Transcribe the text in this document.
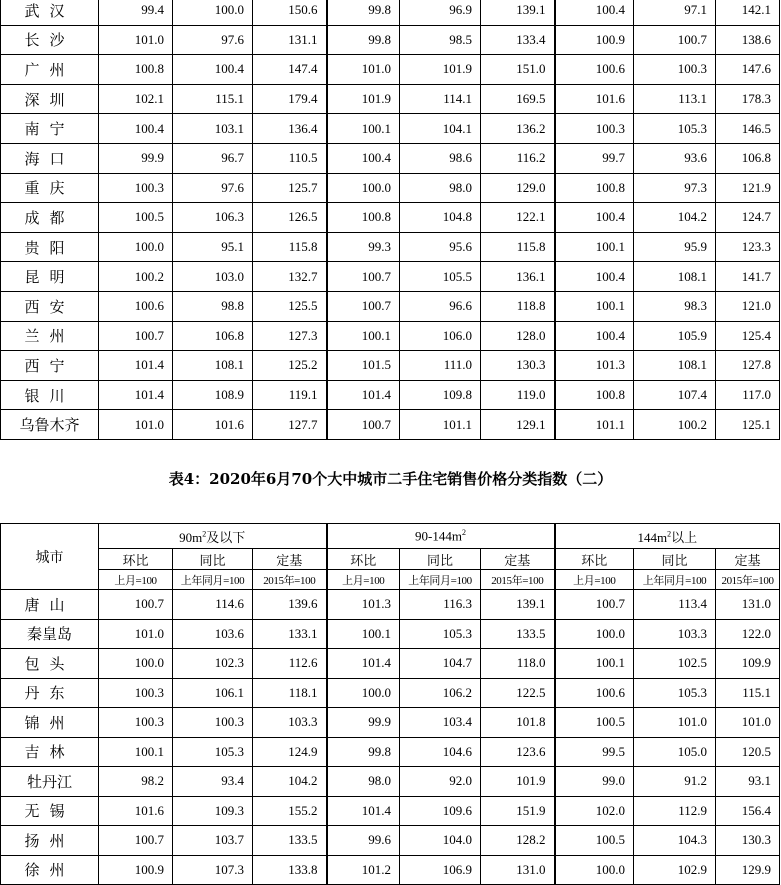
武汉	99.4	100.0	150.6	99.8	96.9	139.1	100.4	97.1	142.1
长沙	101.0	97.6	131.1	99.8	98.5	133.4	100.9	100.7	138.6
广州	100.8	100.4	147.4	101.0	101.9	151.0	100.6	100.3	147.6
深圳	102.1	115.1	179.4	101.9	114.1	169.5	101.6	113.1	178.3
南宁	100.4	103.1	136.4	100.1	104.1	136.2	100.3	105.3	146.5
海口	99.9	96.7	110.5	100.4	98.6	116.2	99.7	93.6	106.8
重庆	100.3	97.6	125.7	100.0	98.0	129.0	100.8	97.3	121.9
成都	100.5	106.3	126.5	100.8	104.8	122.1	100.4	104.2	124.7
贵阳	100.0	95.1	115.8	99.3	95.6	115.8	100.1	95.9	123.3
昆明	100.2	103.0	132.7	100.7	105.5	136.1	100.4	108.1	141.7
西安	100.6	98.8	125.5	100.7	96.6	118.8	100.1	98.3	121.0
兰州	100.7	106.8	127.3	100.1	106.0	128.0	100.4	105.9	125.4
西宁	101.4	108.1	125.2	101.5	111.0	130.3	101.3	108.1	127.8
银川	101.4	108.9	119.1	101.4	109.8	119.0	100.8	107.4	117.0
乌鲁木齐	101.0	101.6	127.7	100.7	101.1	129.1	101.1	100.2	125.1
表4：2020年6月70个大中城市二手住宅销售价格分类指数（二）
城市	$90m^2$及以下			$90-144m^2$			$144m^2$以上		
	环比	同比	定基	环比	同比	定基	环比	同比	定基
	上月=100	上年同月=100	2015年=100	上月=100	上年同月=100	2015年=100	上月=100	上年同月=100	2015年=100
唐山	100.7	114.6	139.6	101.3	116.3	139.1	100.7	113.4	131.0
秦皇岛	101.0	103.6	133.1	100.1	105.3	133.5	100.0	103.3	122.0
包头	100.0	102.3	112.6	101.4	104.7	118.0	100.1	102.5	109.9
丹东	100.3	106.1	118.1	100.0	106.2	122.5	100.6	105.3	115.1
锦州	100.3	100.3	103.3	99.9	103.4	101.8	100.5	101.0	101.0
吉林	100.1	105.3	124.9	99.8	104.6	123.6	99.5	105.0	120.5
牡丹江	98.2	93.4	104.2	98.0	92.0	101.9	99.0	91.2	93.1
无锡	101.6	109.3	155.2	101.4	109.6	151.9	102.0	112.9	156.4
扬州	100.7	103.7	133.5	99.6	104.0	128.2	100.5	104.3	130.3
徐州	100.9	107.3	133.8	101.2	106.9	131.0	100.0	102.9	129.9
